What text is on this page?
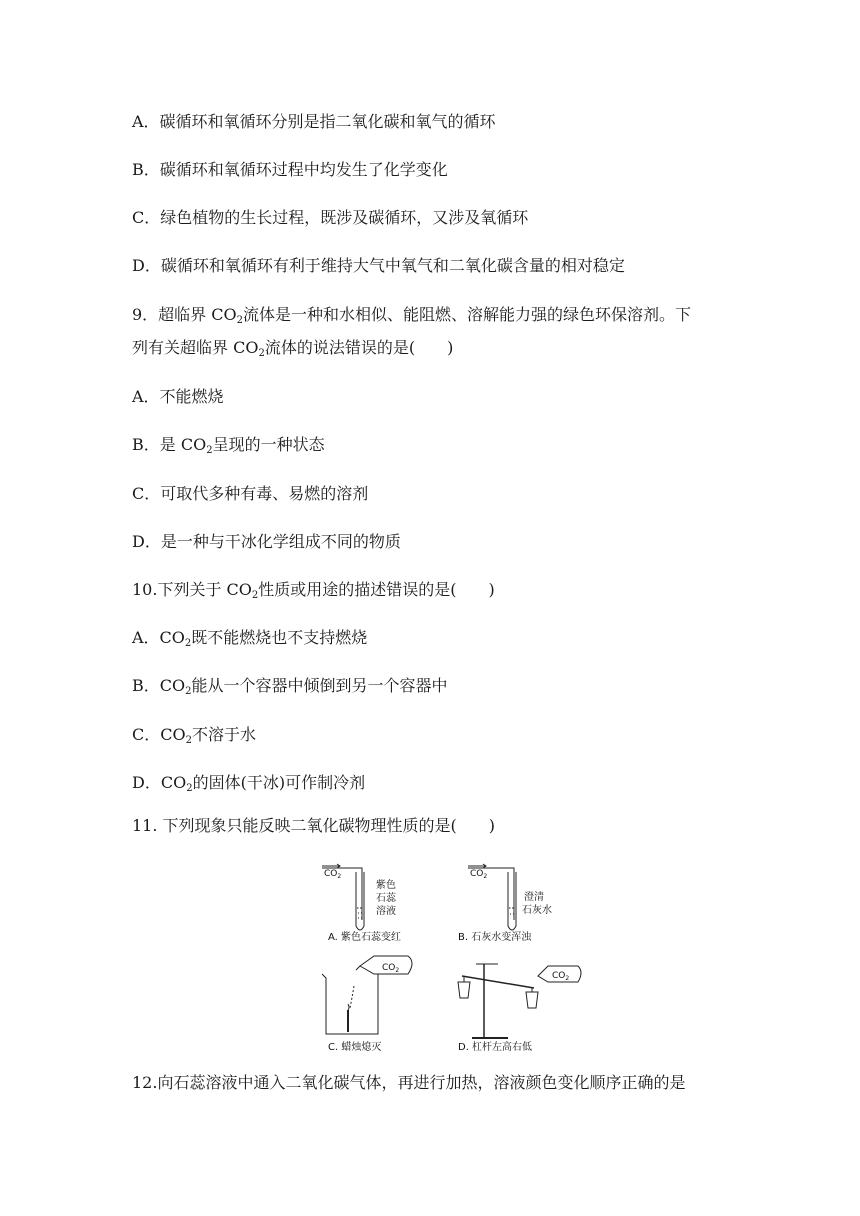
A．碳循环和氧循环分别是指二氧化碳和氧气的循环
B．碳循环和氧循环过程中均发生了化学变化
C．绿色植物的生长过程，既涉及碳循环，又涉及氧循环
D．碳循环和氧循环有利于维持大气中氧气和二氧化碳含量的相对稳定
9．超临界 $CO_2$流体是一种和水相似、能阻燃、溶解能力强的绿色环保溶剂。下
列有关超临界 $CO_2$流体的说法错误的是(　　)
A．不能燃烧
B．是 $CO_2$呈现的一种状态
C．可取代多种有毒、易燃的溶剂
D．是一种与干冰化学组成不同的物质
10.下列关于 $CO_2$性质或用途的描述错误的是(　　)
A．$CO_2$既不能燃烧也不支持燃烧
B．$CO_2$能从一个容器中倾倒到另一个容器中
C．$CO_2$不溶于水
D．$CO_2$的固体(干冰)可作制冷剂
11. 下列现象只能反映二氧化碳物理性质的是(　　)
$CO_2$
紫色
石蕊
溶液
A. 紫色石蕊变红
$CO_2$
澄清
石灰水
B. 石灰水变浑浊
$CO_2$
C. 蜡烛熄灭
$CO_2$
D. 杠杆左高右低
12.向石蕊溶液中通入二氧化碳气体，再进行加热，溶液颜色变化顺序正确的是
